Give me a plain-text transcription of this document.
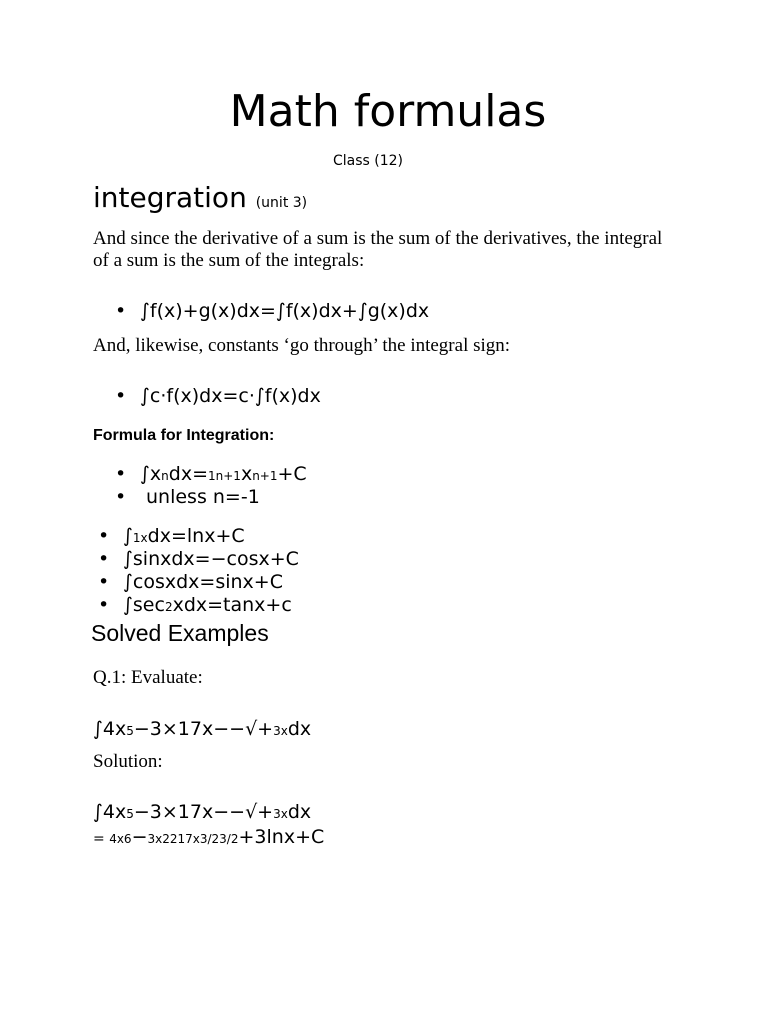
Math formulas
Class (12)
integration (unit 3)
And since the derivative of a sum is the sum of the derivatives, the integral of a sum is the sum of the integrals:
• ∫f(x)+g(x)dx=∫f(x)dx+∫g(x)dx
And, likewise, constants ‘go through’ the integral sign:
• ∫c·f(x)dx=c·∫f(x)dx
Formula for Integration:
• ∫xndx=1n+1xn+1+C
• unless n=-1
• ∫1xdx=lnx+C
• ∫sinxdx=−cosx+C
• ∫cosxdx=sinx+C
• ∫sec2xdx=tanx+c
Solved Examples
Q.1: Evaluate:
∫4x5−3×17x−−√+3xdx
Solution:
∫4x5−3×17x−−√+3xdx
= 4x6−3x2217x3/23/2+3lnx+C
